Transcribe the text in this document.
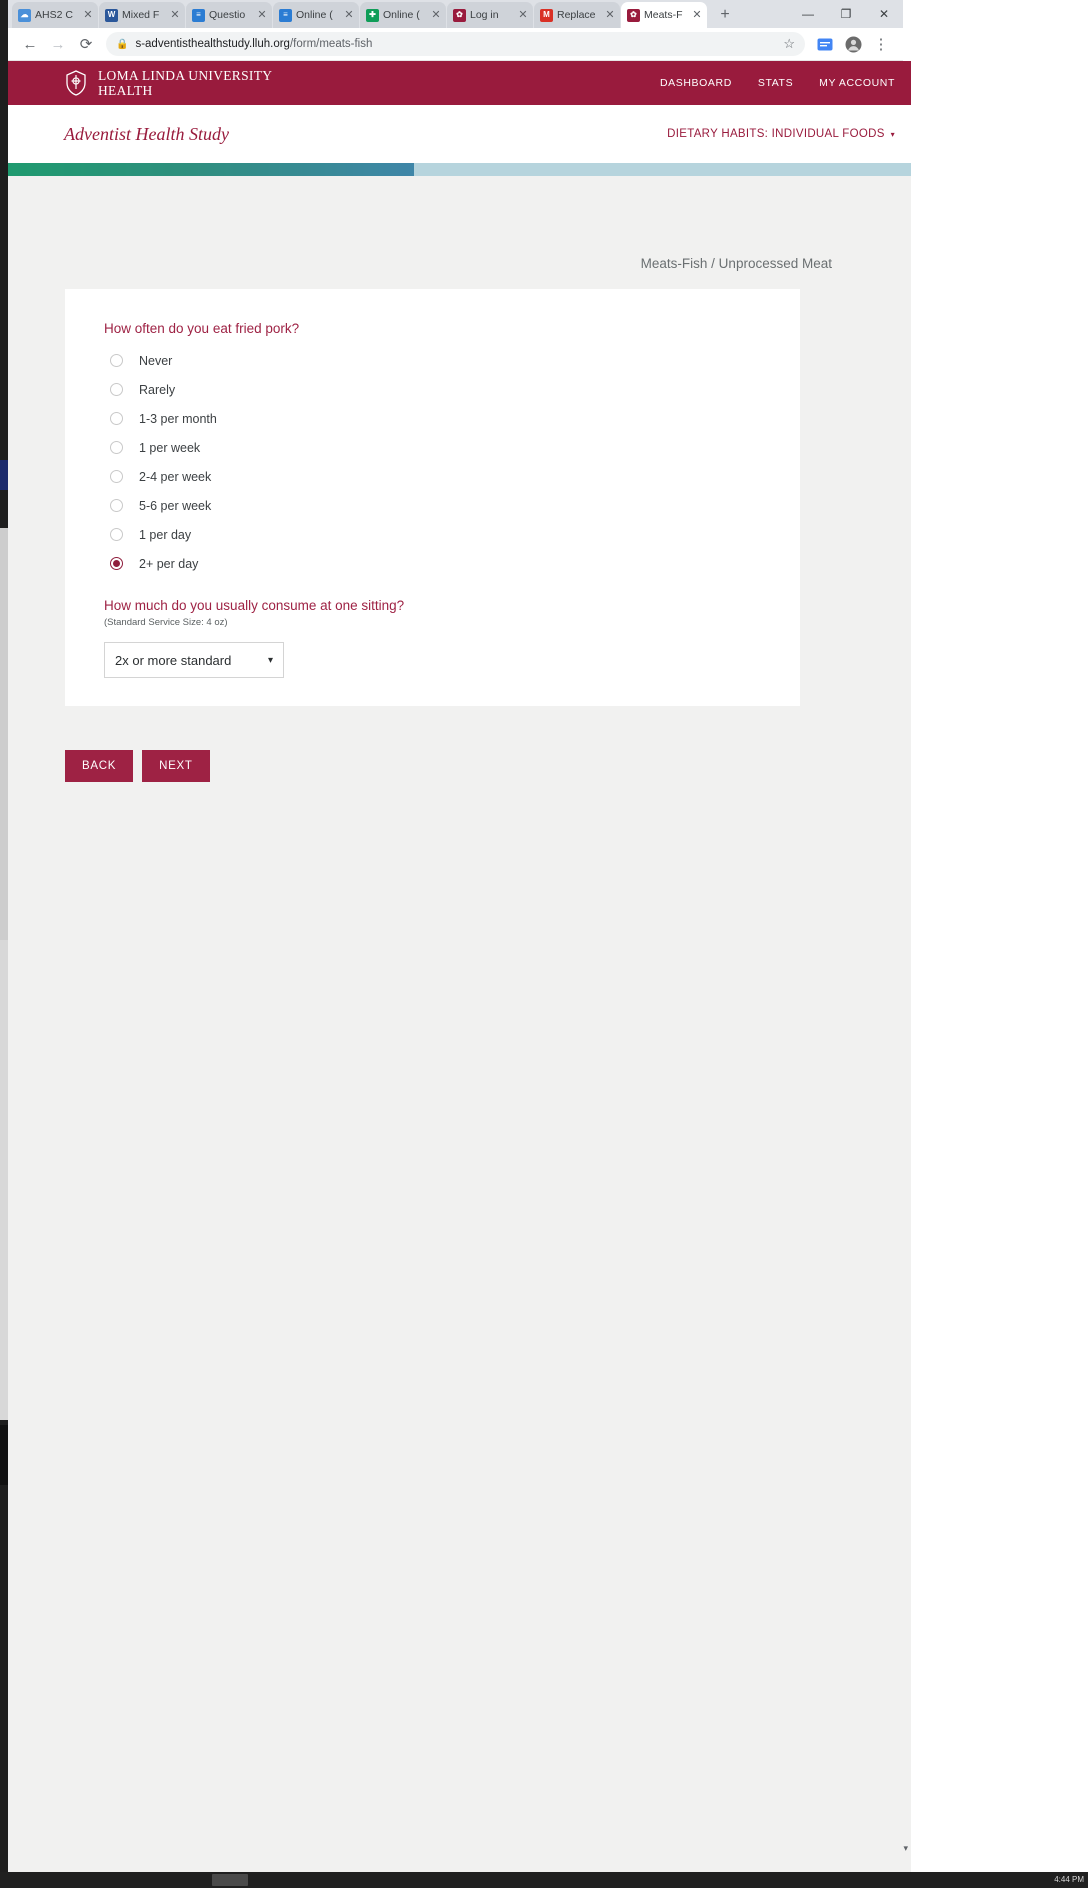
☁ AHS2 C ✕	W Mixed F	✕	≡ Questio	✕	≡ Online (	✕	✚ Online (	✕	✿ Log in	✕	M Replace ✕	✿ Meats-F ✕	+	—	❐	✕
← → ⟳	🔒 s-adventisthealthstudy.lluh.org /form/meats-fish	☆	⋮
LOMA LINDA UNIVERSITY
HEALTH	DASHBOARD STATS MY ACCOUNT
Adventist Health Study	DIETARY HABITS: INDIVIDUAL FOODS ▾
Meats-Fish / Unprocessed Meat
How often do you eat fried pork?
Never
Rarely
1-3 per month
1 per week
2-4 per week
5-6 per week
1 per day
2+ per day
How much do you usually consume at one sitting?
(Standard Service Size: 4 oz)
2x or more standard	▾
BACK	NEXT
▾
4:44 PM
